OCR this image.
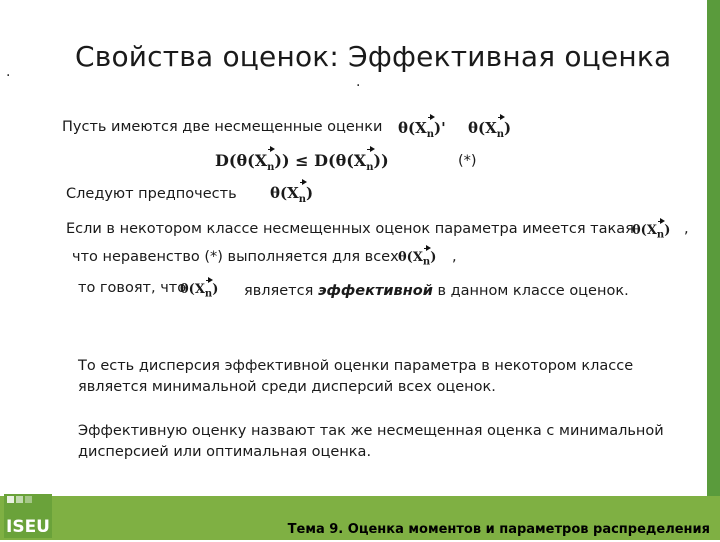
. Свойства оценок: Эффективная оценка
.
Пусть имеются две несмещенные оценки $\theta(X_n)'$ $\theta(X_n)$
$D(\theta(X_n)) \le D(\theta(X_n))$	(*)
Следуют предпочесть $\theta(X_n)$
Если в некотором классе несмещенных оценок параметра имеется такая
$\theta(X_n)$ ,
что неравенство (*) выполняется для всех $\theta(X_n)$ ,
то говоят, что
$\theta(X_n)$ является эффективной в данном классе оценок.
То есть дисперсия эффективной оценки параметра в некотором классе
является минимальной среди дисперсий всех оценок.
Эффективную оценку назвают так же несмещенная оценка с минимальной
дисперсией или оптимальная оценка.
ISEU	Тема 9. Оценка моментов и параметров распределения
